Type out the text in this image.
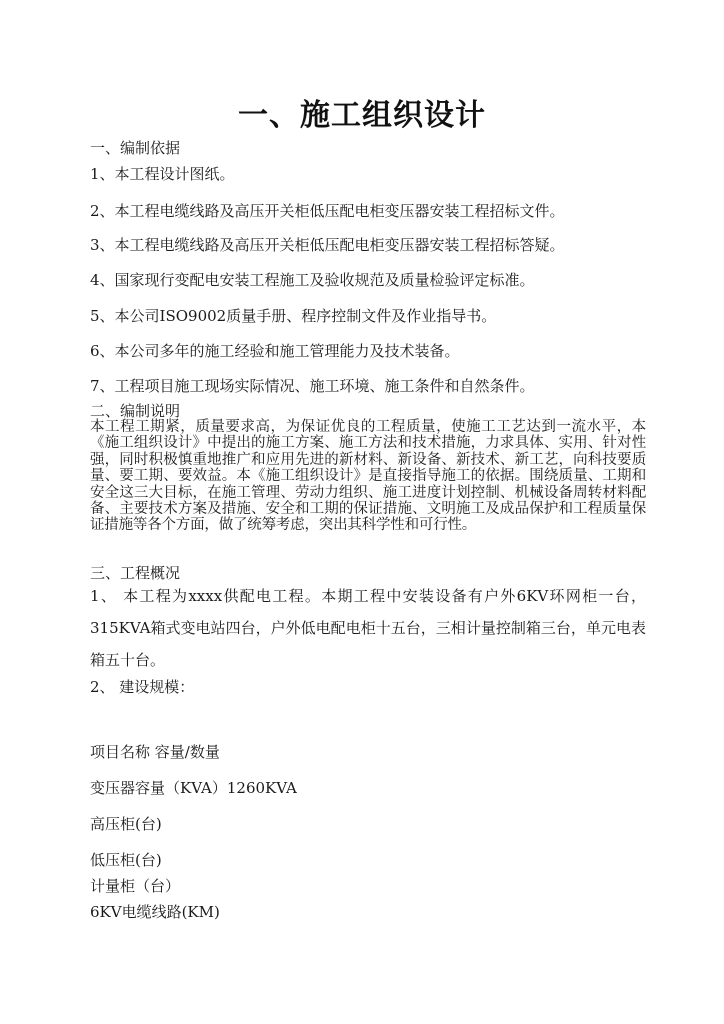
一、施工组织设计
一、编制依据
1、本工程设计图纸。
2、本工程电缆线路及高压开关柜低压配电柜变压器安装工程招标文件。
3、本工程电缆线路及高压开关柜低压配电柜变压器安装工程招标答疑。
4、国家现行变配电安装工程施工及验收规范及质量检验评定标准。
5、本公司ISO9002质量手册、程序控制文件及作业指导书。
6、本公司多年的施工经验和施工管理能力及技术装备。
7、工程项目施工现场实际情况、施工环境、施工条件和自然条件。
二、编制说明
本工程工期紧，质量要求高，为保证优良的工程质量，使施工工艺达到一流水平，本《施工组织设计》中提出的施工方案、施工方法和技术措施，力求具体、实用、针对性强，同时积极慎重地推广和应用先进的新材料、新设备、新技术、新工艺，向科技要质量、要工期、要效益。本《施工组织设计》是直接指导施工的依据。围绕质量、工期和安全这三大目标，在施工管理、劳动力组织、施工进度计划控制、机械设备周转材料配备、主要技术方案及措施、安全和工期的保证措施、文明施工及成品保护和工程质量保证措施等各个方面，做了统筹考虑，突出其科学性和可行性。
三、工程概况
1、 本工程为xxxx供配电工程。本期工程中安装设备有户外6KV环网柜一台，315KVA箱式变电站四台，户外低电配电柜十五台，三相计量控制箱三台，单元电表箱五十台。
2、 建设规模：
项目名称 容量/数量
变压器容量（KVA）1260KVA
高压柜(台)
低压柜(台)
计量柜（台）
6KV电缆线路(KM)
